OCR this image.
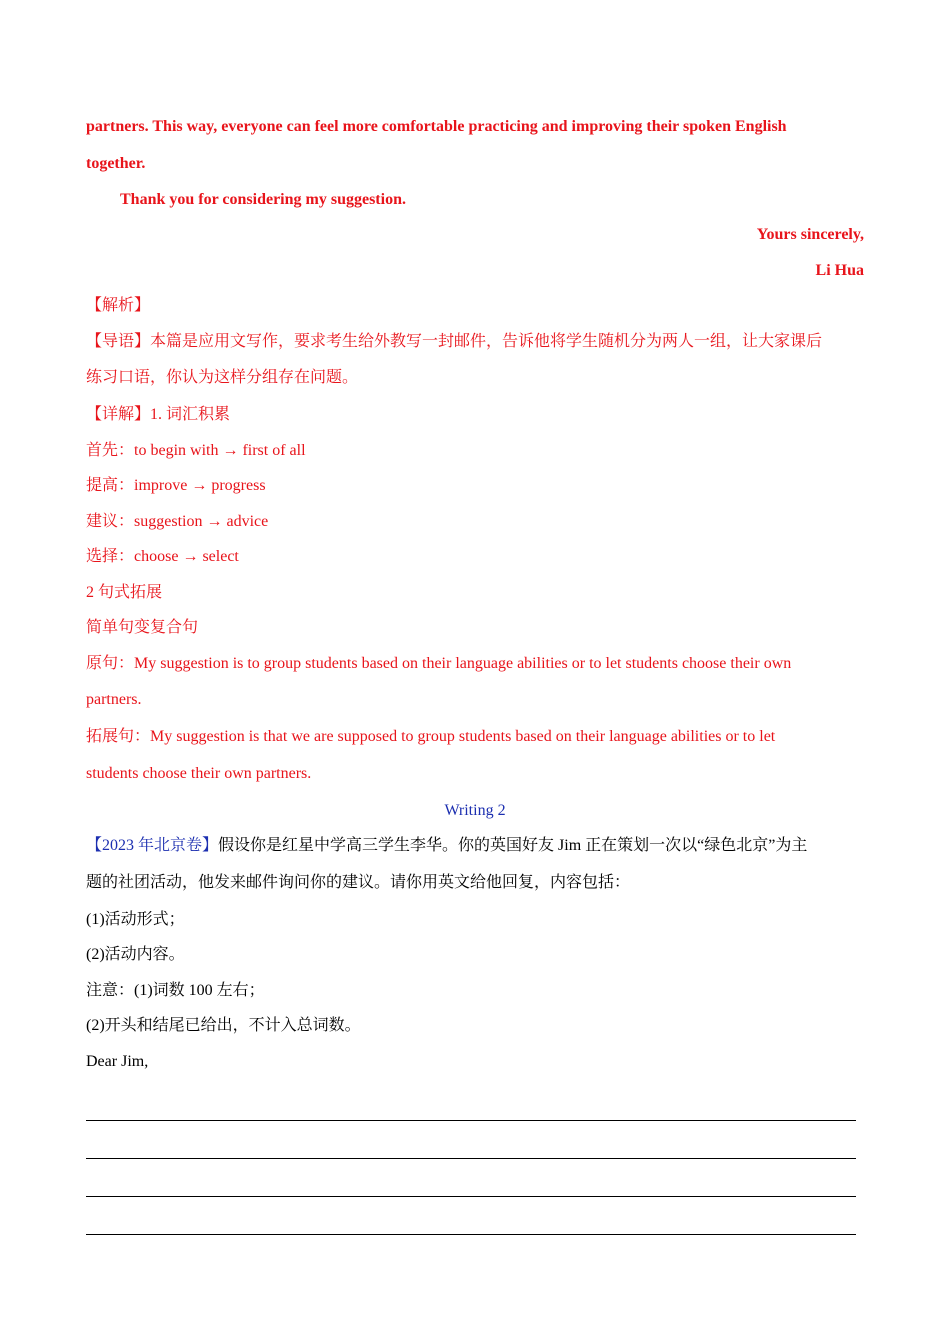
partners. This way, everyone can feel more comfortable practicing and improving their spoken English
together.
Thank you for considering my suggestion.
Yours sincerely,
Li Hua
【解析】
【导语】本篇是应用文写作，要求考生给外教写一封邮件，告诉他将学生随机分为两人一组，让大家课后
练习口语，你认为这样分组存在问题。
【详解】1. 词汇积累
首先：to begin with → first of all
提高：improve → progress
建议：suggestion → advice
选择：choose → select
2 句式拓展
简单句变复合句
原句：My suggestion is to group students based on their language abilities or to let students choose their own
partners.
拓展句：My suggestion is that we are supposed to group students based on their language abilities or to let
students choose their own partners.
Writing 2
【2023 年北京卷】假设你是红星中学高三学生李华。你的英国好友 Jim 正在策划一次以“绿色北京”为主
题的社团活动，他发来邮件询问你的建议。请你用英文给他回复，内容包括：
(1)活动形式；
(2)活动内容。
注意：(1)词数 100 左右；
(2)开头和结尾已给出，不计入总词数。
Dear Jim,
